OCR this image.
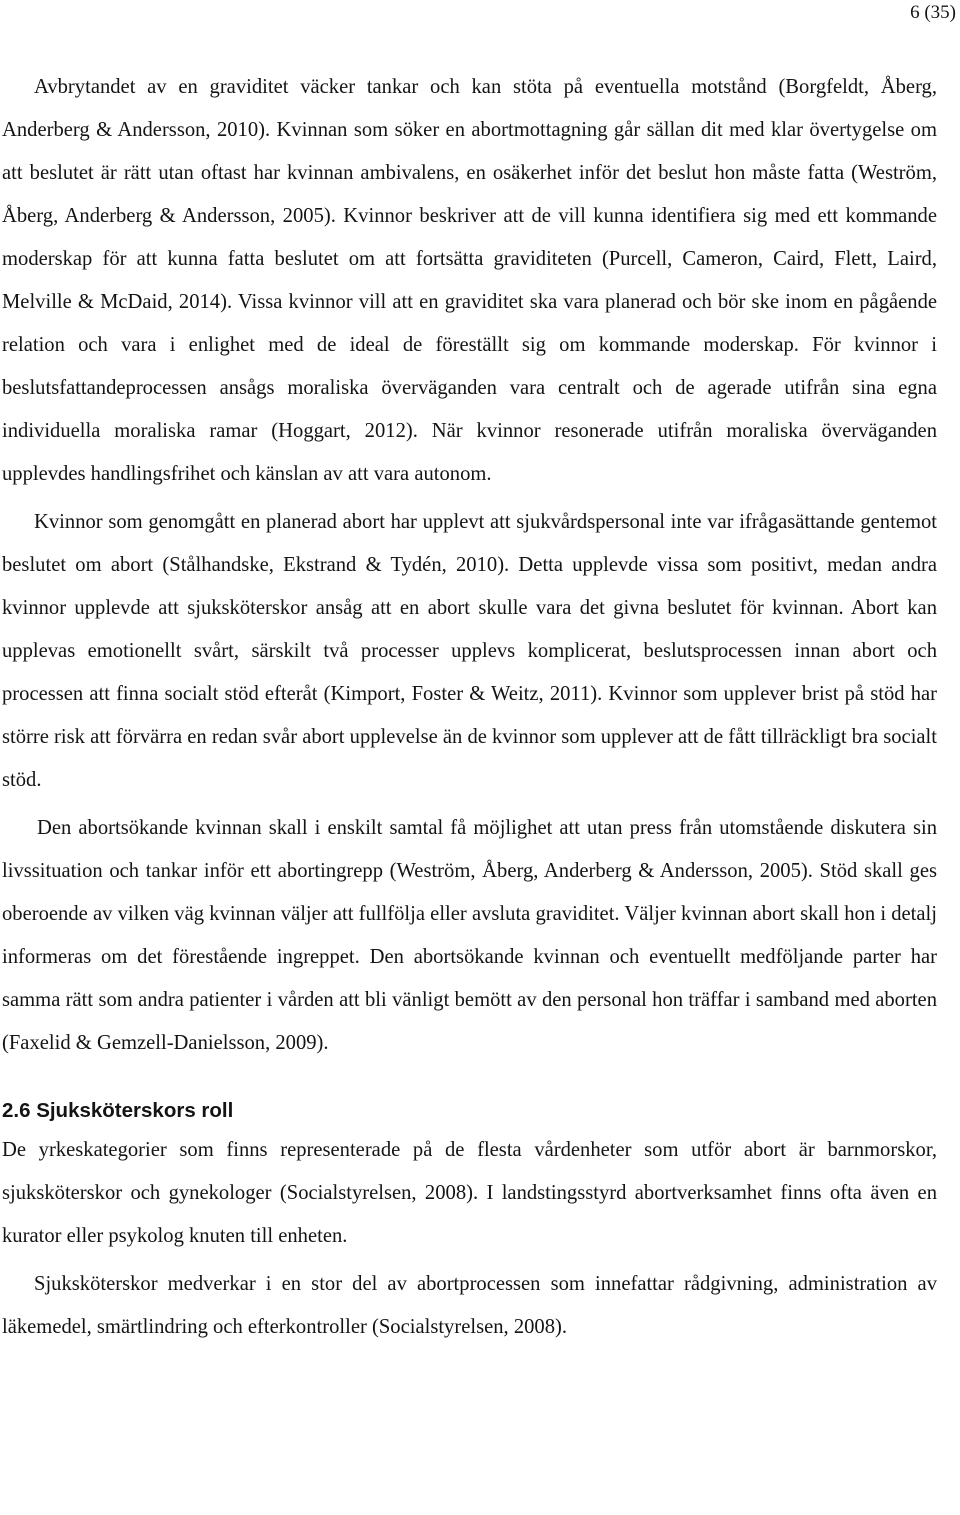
6 (35)

Avbrytandet av en graviditet väcker tankar och kan stöta på eventuella motstånd (Borgfeldt, Åberg, Anderberg & Andersson, 2010). Kvinnan som söker en abortmottagning går sällan dit med klar övertygelse om att beslutet är rätt utan oftast har kvinnan ambivalens, en osäkerhet inför det beslut hon måste fatta (Weström, Åberg, Anderberg & Andersson, 2005). Kvinnor beskriver att de vill kunna identifiera sig med ett kommande moderskap för att kunna fatta beslutet om att fortsätta graviditeten (Purcell, Cameron, Caird, Flett, Laird, Melville & McDaid, 2014). Vissa kvinnor vill att en graviditet ska vara planerad och bör ske inom en pågående relation och vara i enlighet med de ideal de föreställt sig om kommande moderskap. För kvinnor i beslutsfattandeprocessen ansågs moraliska överväganden vara centralt och de agerade utifrån sina egna individuella moraliska ramar (Hoggart, 2012). När kvinnor resonerade utifrån moraliska överväganden upplevdes handlingsfrihet och känslan av att vara autonom.

Kvinnor som genomgått en planerad abort har upplevt att sjukvårdspersonal inte var ifrågasättande gentemot beslutet om abort (Stålhandske, Ekstrand & Tydén, 2010). Detta upplevde vissa som positivt, medan andra kvinnor upplevde att sjuksköterskor ansåg att en abort skulle vara det givna beslutet för kvinnan. Abort kan upplevas emotionellt svårt, särskilt två processer upplevs komplicerat, beslutsprocessen innan abort och processen att finna socialt stöd efteråt (Kimport, Foster & Weitz, 2011). Kvinnor som upplever brist på stöd har större risk att förvärra en redan svår abort upplevelse än de kvinnor som upplever att de fått tillräckligt bra socialt stöd.

Den abortsökande kvinnan skall i enskilt samtal få möjlighet att utan press från utomstående diskutera sin livssituation och tankar inför ett abortingrepp (Weström, Åberg, Anderberg & Andersson, 2005). Stöd skall ges oberoende av vilken väg kvinnan väljer att fullfölja eller avsluta graviditet. Väljer kvinnan abort skall hon i detalj informeras om det förestående ingreppet. Den abortsökande kvinnan och eventuellt medföljande parter har samma rätt som andra patienter i vården att bli vänligt bemött av den personal hon träffar i samband med aborten (Faxelid & Gemzell-Danielsson, 2009).

2.6 Sjuksköterskors roll

De yrkeskategorier som finns representerade på de flesta vårdenheter som utför abort är barnmorskor, sjuksköterskor och gynekologer (Socialstyrelsen, 2008). I landstingsstyrd abortverksamhet finns ofta även en kurator eller psykolog knuten till enheten.

Sjuksköterskor medverkar i en stor del av abortprocessen som innefattar rådgivning, administration av läkemedel, smärtlindring och efterkontroller (Socialstyrelsen, 2008).
